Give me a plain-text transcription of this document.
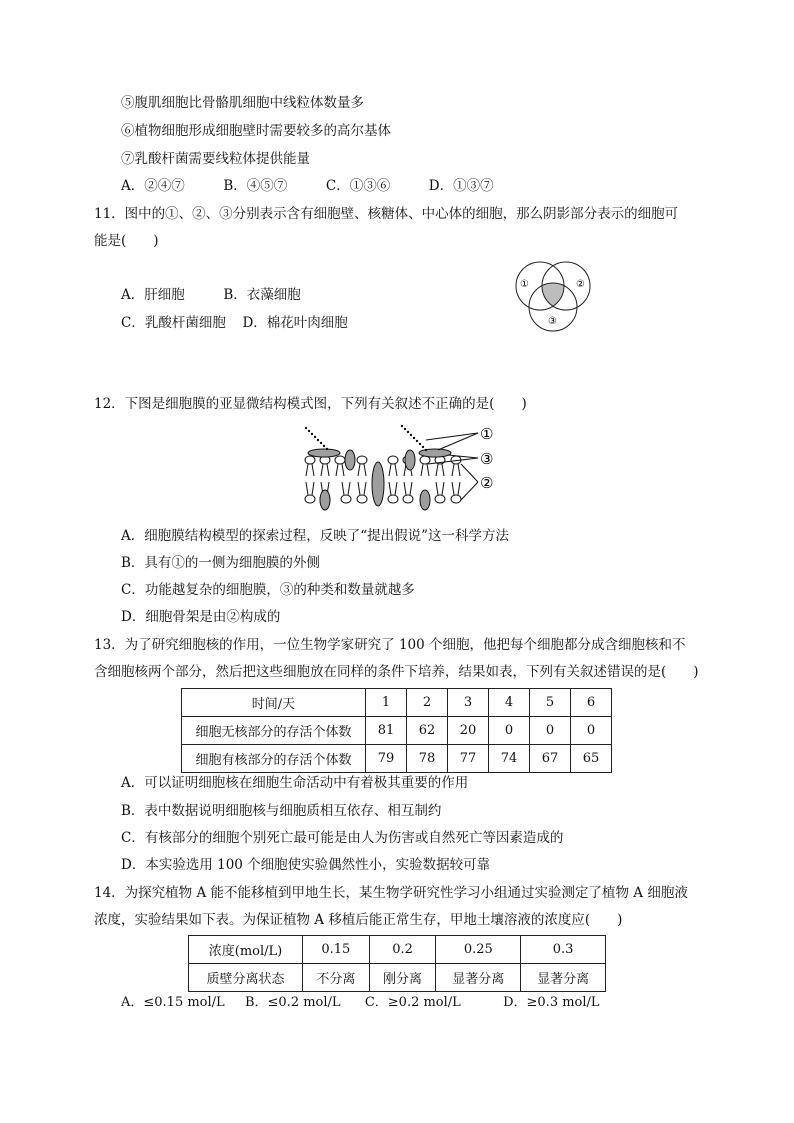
⑤腹肌细胞比骨骼肌细胞中线粒体数量多
⑥植物细胞形成细胞壁时需要较多的高尔基体
⑦乳酸杆菌需要线粒体提供能量
A．②④⑦	B．④⑤⑦	C．①③⑥	D．①③⑦
11．图中的①、②、③分别表示含有细胞壁、核糖体、中心体的细胞，那么阴影部分表示的细胞可
能是(　　)
A．肝细胞	B．衣藻细胞
C．乳酸杆菌细胞 D．棉花叶肉细胞
①	②
③
12．下图是细胞膜的亚显微结构模式图，下列有关叙述不正确的是(　　)
①
③
②
A．细胞膜结构模型的探索过程，反映了“提出假说”这一科学方法
B．具有①的一侧为细胞膜的外侧
C．功能越复杂的细胞膜，③的种类和数量就越多
D．细胞骨架是由②构成的
13．为了研究细胞核的作用，一位生物学家研究了 100 个细胞，他把每个细胞都分成含细胞核和不
含细胞核两个部分，然后把这些细胞放在同样的条件下培养，结果如表，下列有关叙述错误的是(　　)
时间/天	1	2	3	4	5	6
细胞无核部分的存活个体数	81	62	20	0	0	0
细胞有核部分的存活个体数	79	78	77	74	67	65
A．可以证明细胞核在细胞生命活动中有着极其重要的作用
B．表中数据说明细胞核与细胞质相互依存、相互制约
C．有核部分的细胞个别死亡最可能是由人为伤害或自然死亡等因素造成的
D．本实验选用 100 个细胞使实验偶然性小，实验数据较可靠
14．为探究植物 A 能不能移植到甲地生长，某生物学研究性学习小组通过实验测定了植物 A 细胞液
浓度，实验结果如下表。为保证植物 A 移植后能正常生存，甲地土壤溶液的浓度应(　　)
浓度(mol/L)	0.15	0.2	0.25	0.3
质壁分离状态	不分离	刚分离	显著分离	显著分离
A．≤0.15 mol/L B．≤0.2 mol/L C．≥0.2 mol/L	D．≥0.3 mol/L
